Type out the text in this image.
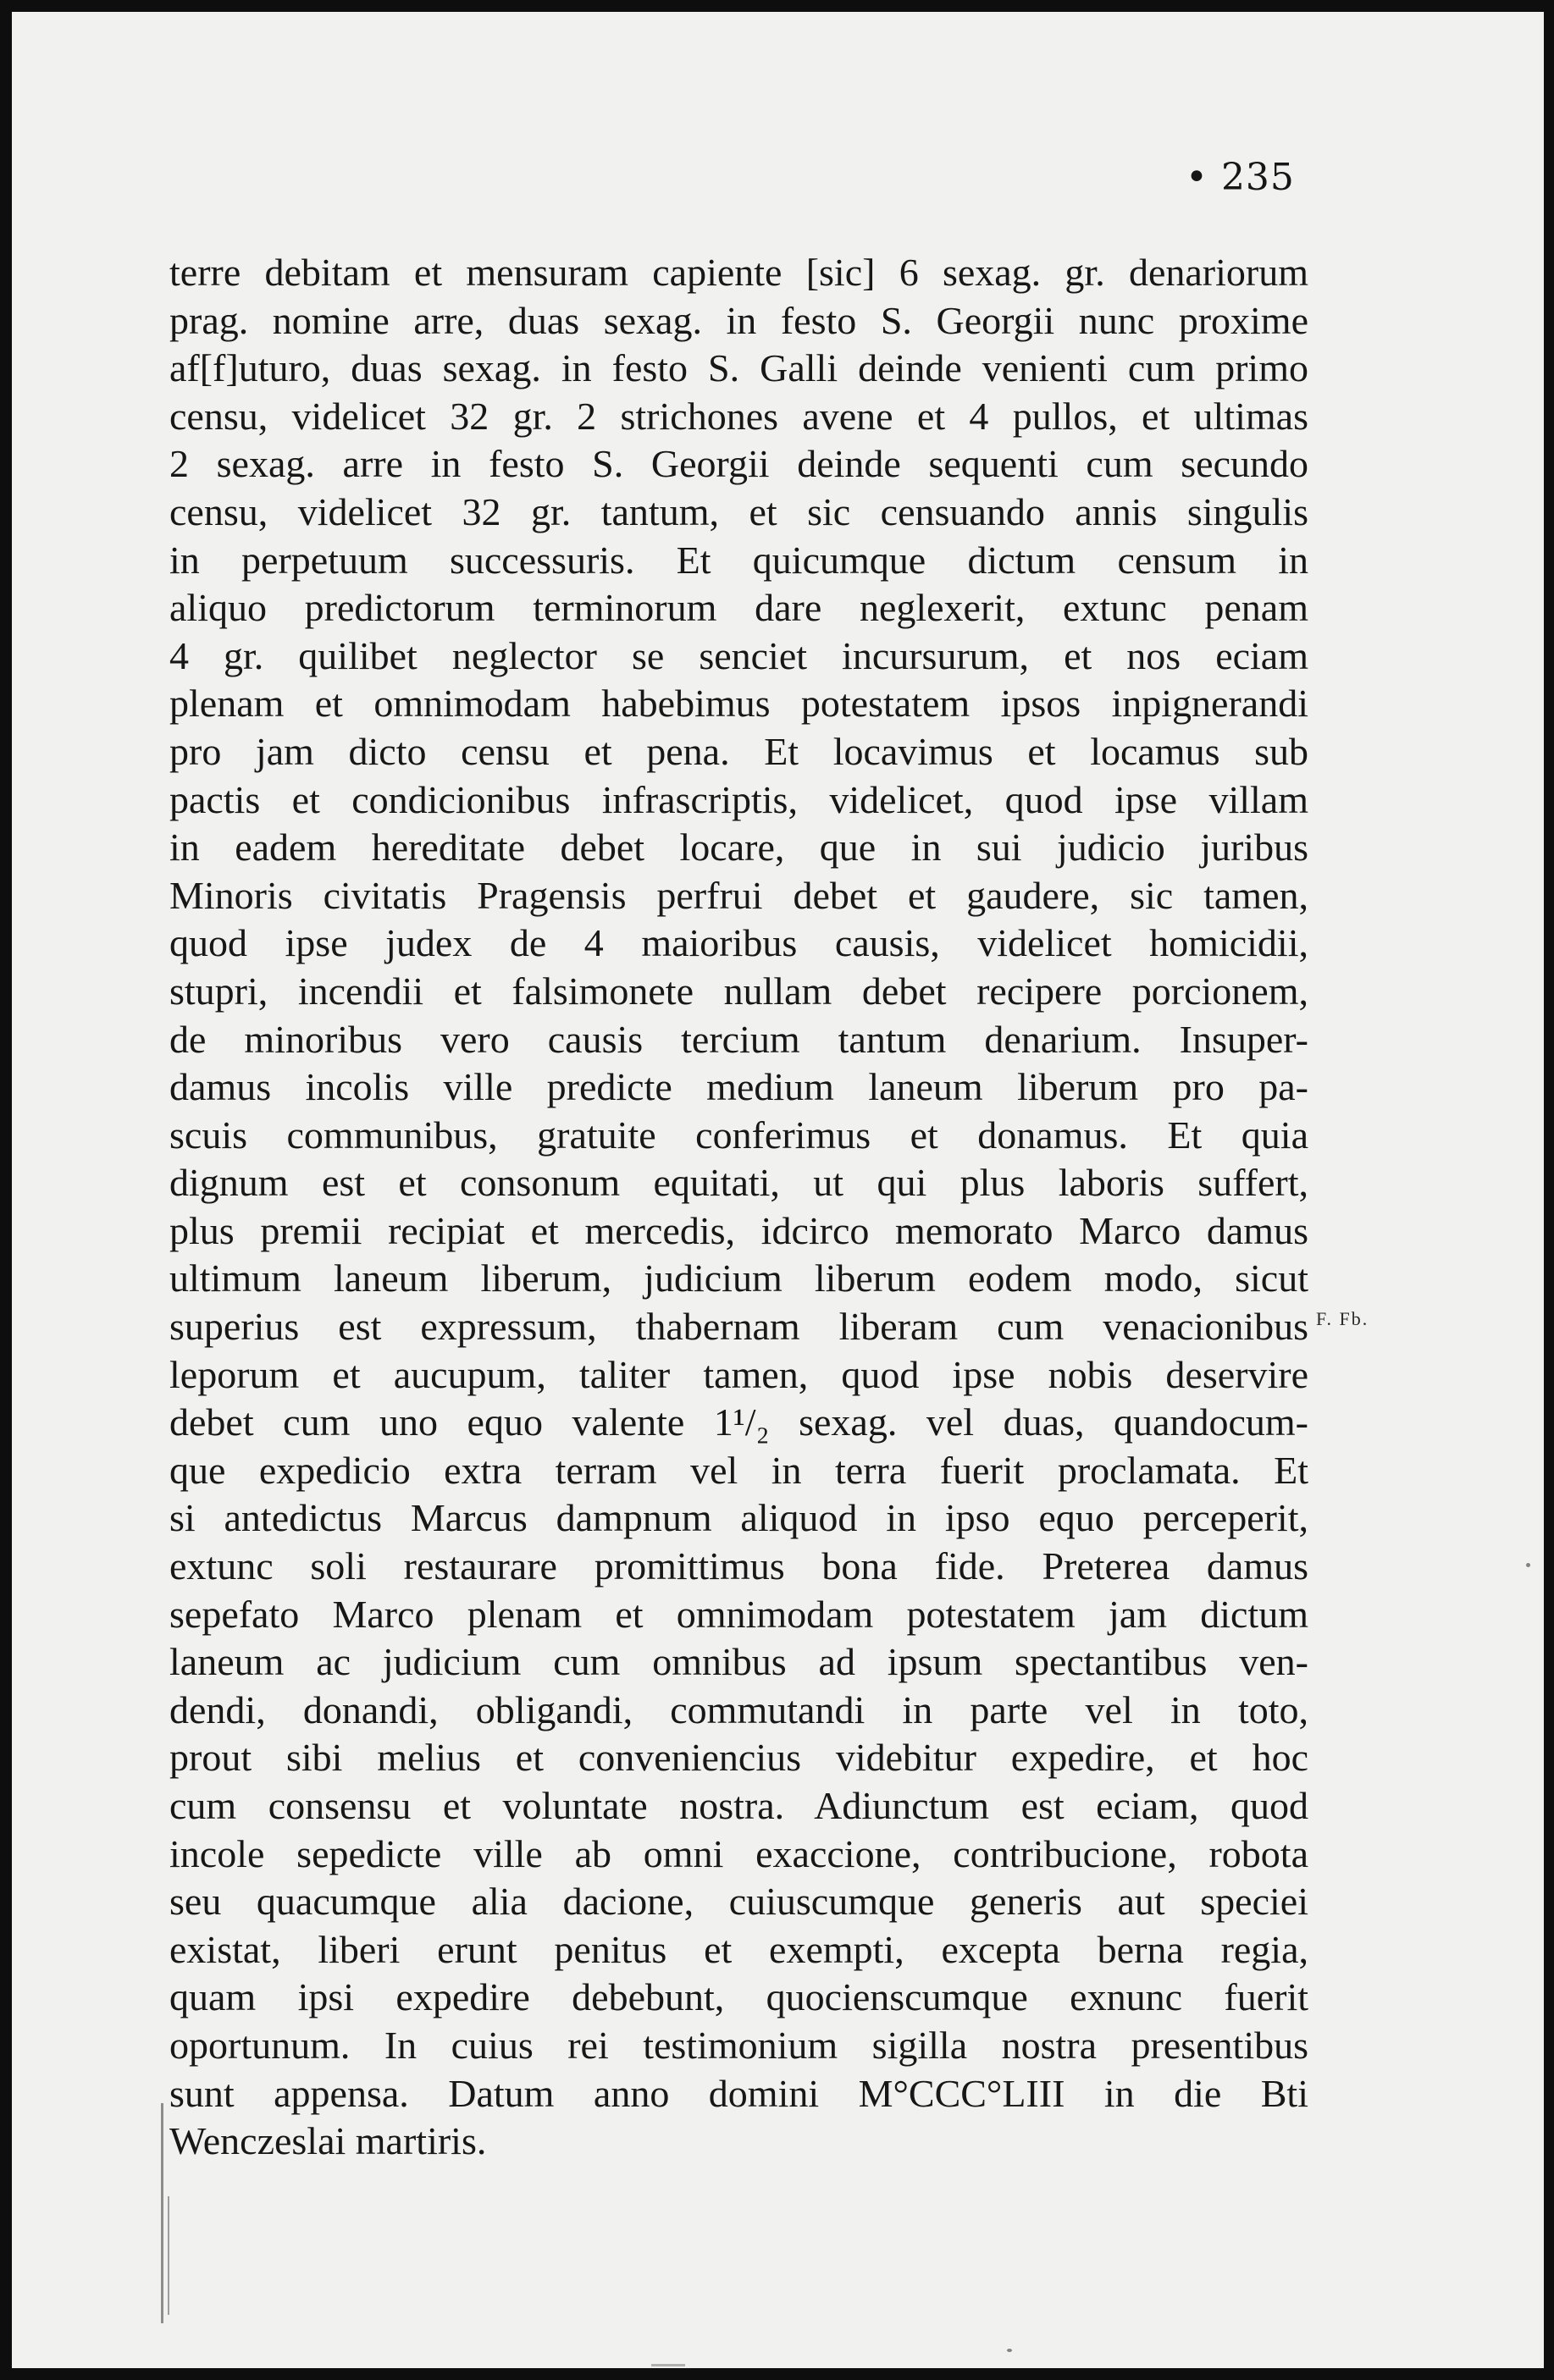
• 235
terre debitam et mensuram capiente [sic] 6 sexag. gr. denariorum
prag. nomine arre, duas sexag. in festo S. Georgii nunc proxime
af[f]uturo, duas sexag. in festo S. Galli deinde venienti cum primo
censu, videlicet 32 gr. 2 strichones avene et 4 pullos, et ultimas
2 sexag. arre in festo S. Georgii deinde sequenti cum secundo
censu, videlicet 32 gr. tantum, et sic censuando annis singulis
in perpetuum successuris. Et quicumque dictum censum in
aliquo predictorum terminorum dare neglexerit, extunc penam
4 gr. quilibet neglector se senciet incursurum, et nos eciam
plenam et omnimodam habebimus potestatem ipsos inpignerandi
pro jam dicto censu et pena. Et locavimus et locamus sub
pactis et condicionibus infrascriptis, videlicet, quod ipse villam
in eadem hereditate debet locare, que in sui judicio juribus
Minoris civitatis Pragensis perfrui debet et gaudere, sic tamen,
quod ipse judex de 4 maioribus causis, videlicet homicidii,
stupri, incendii et falsimonete nullam debet recipere porcionem,
de minoribus vero causis tercium tantum denarium. Insuper-
damus incolis ville predicte medium laneum liberum pro pa-
scuis communibus, gratuite conferimus et donamus. Et quia
dignum est et consonum equitati, ut qui plus laboris suffert,
plus premii recipiat et mercedis, idcirco memorato Marco damus
ultimum laneum liberum, judicium liberum eodem modo, sicut
superius est expressum, thabernam liberam cum venacionibus
leporum et aucupum, taliter tamen, quod ipse nobis deservire
debet cum uno equo valente 1¹/₂ sexag. vel duas, quandocum-
que expedicio extra terram vel in terra fuerit proclamata. Et
si antedictus Marcus dampnum aliquod in ipso equo perceperit,
extunc soli restaurare promittimus bona fide. Preterea damus
sepefato Marco plenam et omnimodam potestatem jam dictum
laneum ac judicium cum omnibus ad ipsum spectantibus ven-
dendi, donandi, obligandi, commutandi in parte vel in toto,
prout sibi melius et conveniencius videbitur expedire, et hoc
cum consensu et voluntate nostra. Adiunctum est eciam, quod
incole sepedicte ville ab omni exaccione, contribucione, robota
seu quacumque alia dacione, cuiuscumque generis aut speciei
existat, liberi erunt penitus et exempti, excepta berna regia,
quam ipsi expedire debebunt, quocienscumque exnunc fuerit
oportunum. In cuius rei testimonium sigilla nostra presentibus
sunt appensa. Datum anno domini M°CCC°LIII in die Bti
Wenczeslai martiris.
F. Fb.
